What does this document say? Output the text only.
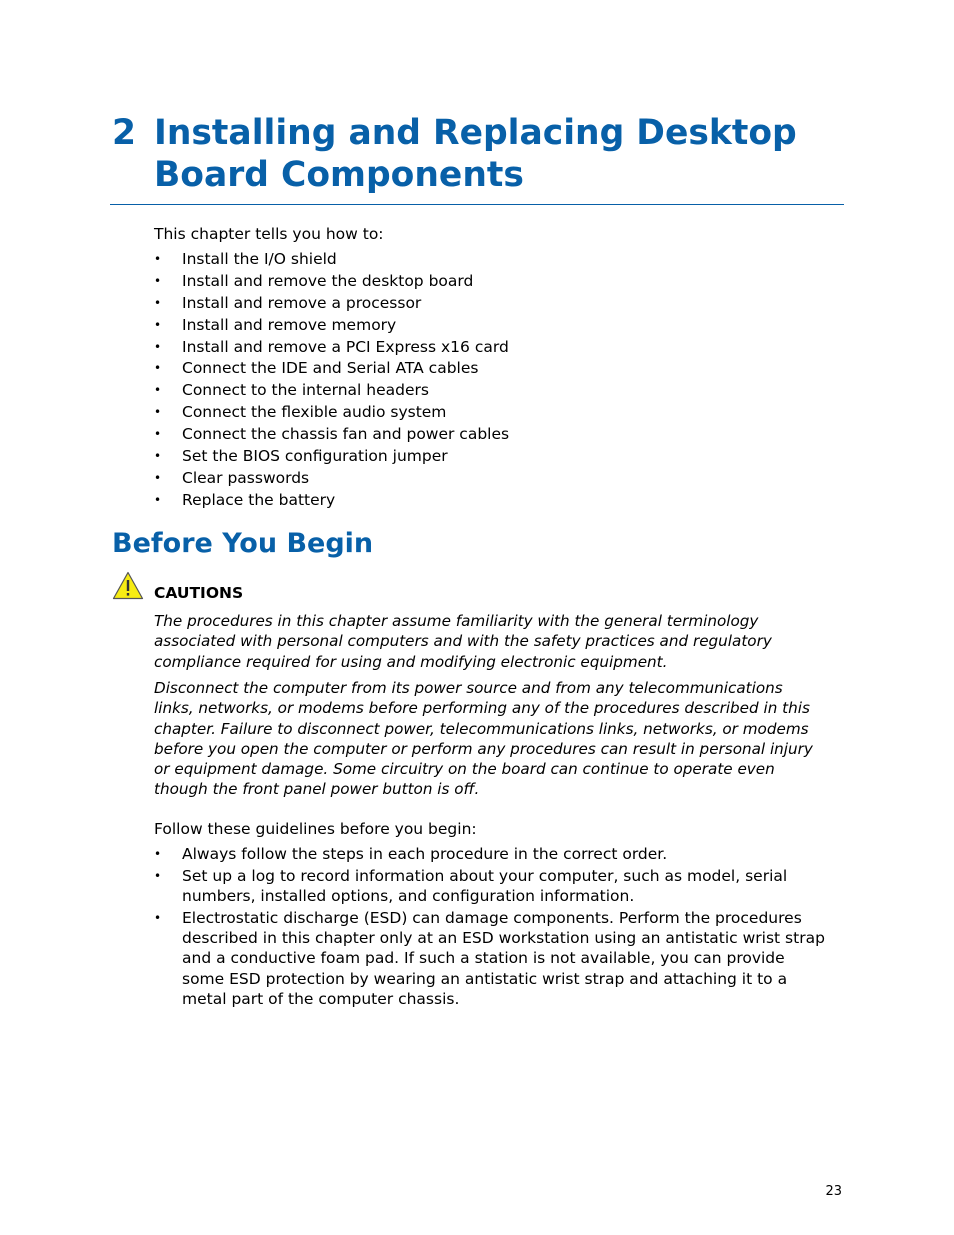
2 Installing and Replacing Desktop
Board Components

This chapter tells you how to:

• Install the I/O shield
• Install and remove the desktop board
• Install and remove a processor
• Install and remove memory
• Install and remove a PCI Express x16 card
• Connect the IDE and Serial ATA cables
• Connect to the internal headers
• Connect the flexible audio system
• Connect the chassis fan and power cables
• Set the BIOS configuration jumper
• Clear passwords
• Replace the battery
Before You Begin

CAUTIONS

The procedures in this chapter assume familiarity with the general terminology
associated with personal computers and with the safety practices and regulatory
compliance required for using and modifying electronic equipment.

Disconnect the computer from its power source and from any telecommunications
links, networks, or modems before performing any of the procedures described in this
chapter. Failure to disconnect power, telecommunications links, networks, or modems
before you open the computer or perform any procedures can result in personal injury
or equipment damage. Some circuitry on the board can continue to operate even
though the front panel power button is off.

Follow these guidelines before you begin:

• Always follow the steps in each procedure in the correct order.
• Set up a log to record information about your computer, such as model, serial
numbers, installed options, and configuration information.
• Electrostatic discharge (ESD) can damage components. Perform the procedures
described in this chapter only at an ESD workstation using an antistatic wrist strap
and a conductive foam pad. If such a station is not available, you can provide
some ESD protection by wearing an antistatic wrist strap and attaching it to a
metal part of the computer chassis.

23
